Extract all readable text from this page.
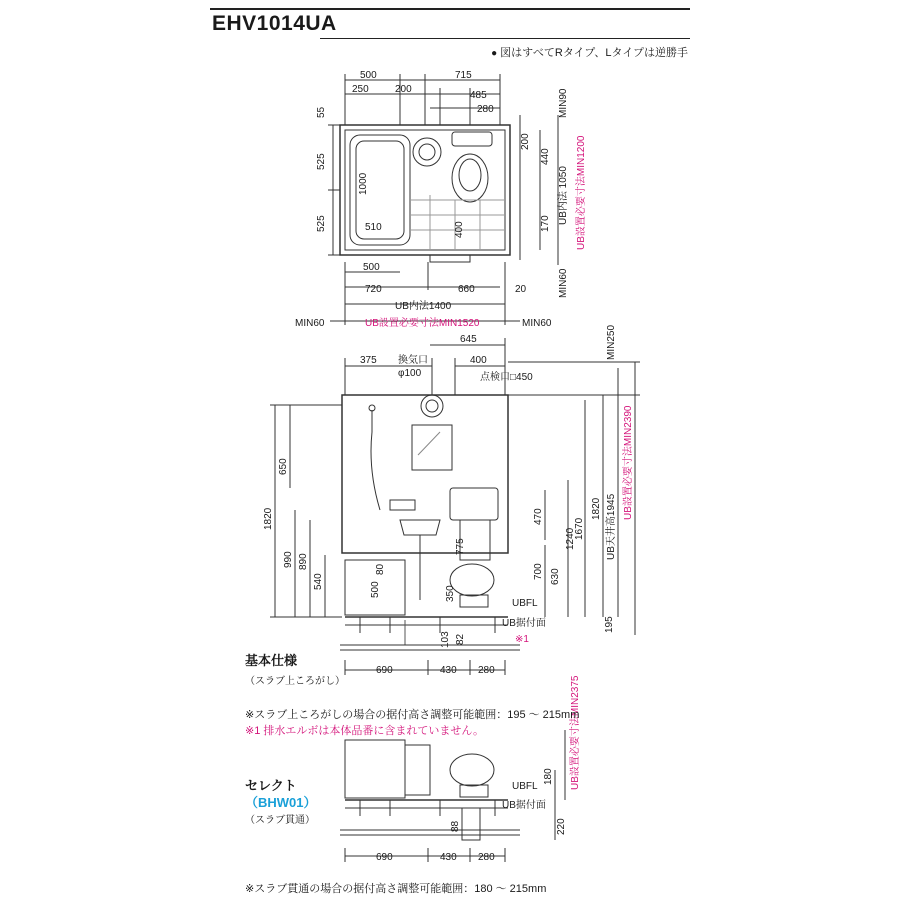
EHV1014UA
● 図はすべてRタイプ、Lタイプは逆勝手
500	715
250	200
485
280
55
525
525
1000
510	400
200
440
170
MIN90
UB内法 1050 UB設置必要寸法MIN1200
MIN60
500
720	660	20
UB内法1400
UB設置必要寸法MIN1520
MIN60	MIN60
375
645
400
換気口
φ100	点検口□450
MIN250
650
1820
990 890
540
470
1240
775
700 630
80
500	350
1670
1820 UB天井高1945
UB設置必要寸法MIN2390
195
UBFL
UB据付面
※1
103 82
690	430 280
UBFL
UB据付面
180
220
88
UB設置必要寸法MIN2375
690	430 280
基本仕様
（スラブ上ころがし）
※スラブ上ころがしの場合の据付高さ調整可能範囲：195 ～ 215mm
※1 排水エルボは本体品番に含まれていません。
セレクト
（BHW01）
（スラブ貫通）
※スラブ貫通の場合の据付高さ調整可能範囲：180 ～ 215mm
